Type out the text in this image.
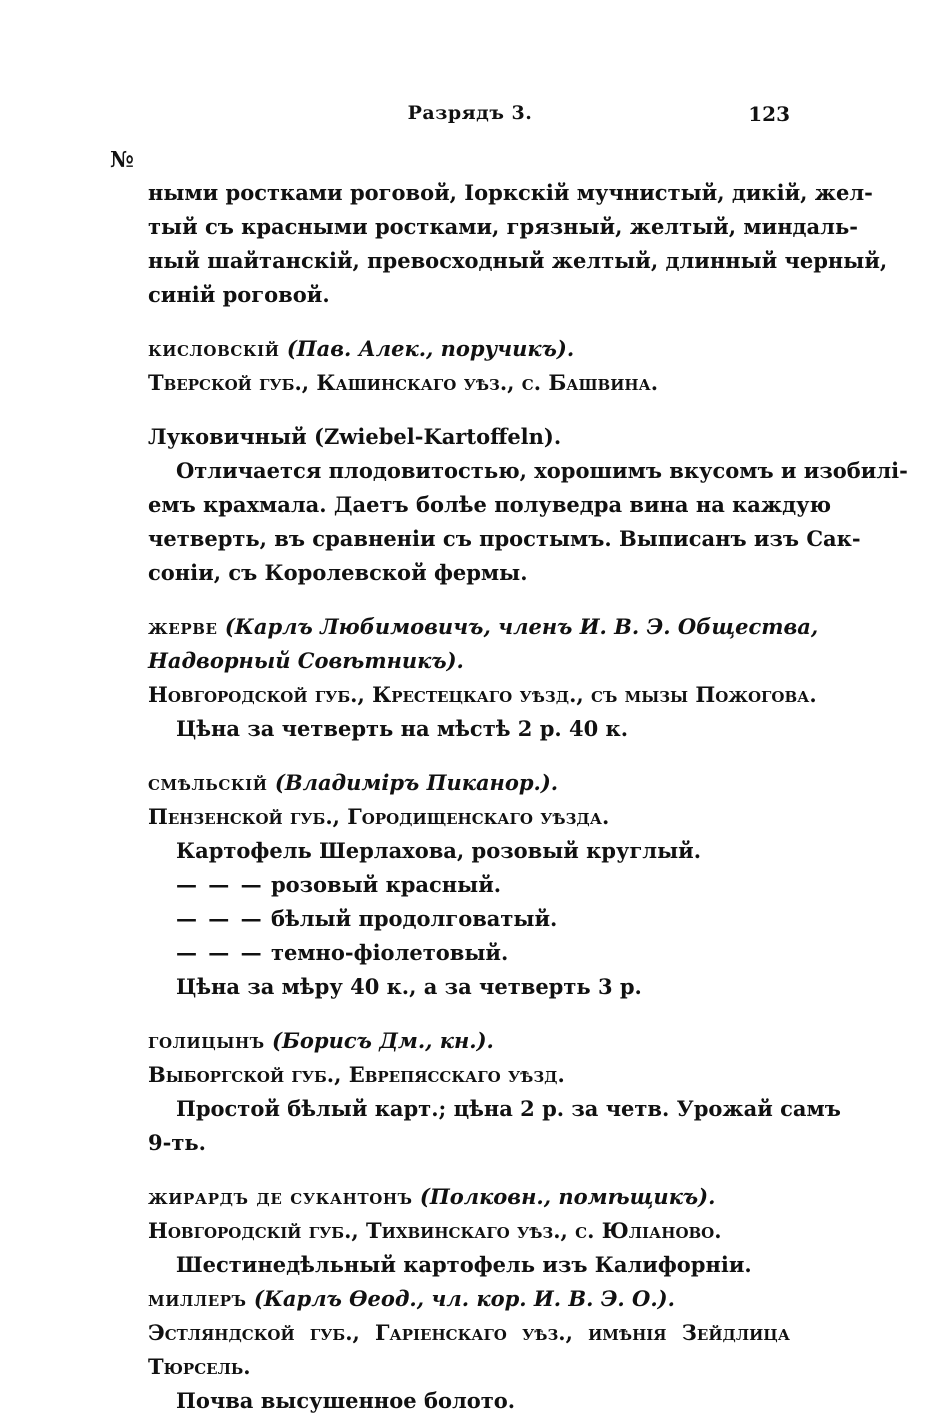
Разрядъ 3.	123
№
ными ростками роговой, Іоркскій мучнистый, дикій, жел-
тый съ красными ростками, грязный, желтый, миндаль-
ный шайтанскій, превосходный желтый, длинный черный,
синій роговой.
кисловскій (Пав. Алек., поручикъ).
Тверской губ., Кашинскаго уѣз., с. Башвина.
Луковичный (Zwiebel-Kartoffeln).
Отличается плодовитостью, хорошимъ вкусомъ и изобилі-
емъ крахмала. Даетъ болѣе полуведра вина на каждую
четверть, въ сравненіи съ простымъ. Выписанъ изъ Сак-
соніи, съ Королевской фермы.
жерве (Карлъ Любимовичъ, членъ И. В. Э. Общества,
Надворный Совѣтникъ).
Новгородской губ., Крестецкаго уѣзд., съ мызы Пожогова.
Цѣна за четверть на мѣстѣ 2 р. 40 к.
смѣльскій (Владиміръ Пиканор.).
Пензенской губ., Городищенскаго уѣзда.
Картофель Шерлахова, розовый круглый.
— — — розовый красный.
— — — бѣлый продолговатый.
— — — темно-фіолетовый.
Цѣна за мѣру 40 к., а за четверть 3 р.
голицынъ (Борисъ Дм., кн.).
Выборгской губ., Еврепясскаго уѣзд.
Простой бѣлый карт.; цѣна 2 р. за четв. Урожай самъ
9-ть.
жирардъ де сукантонъ (Полковн., помѣщикъ).
Новгородскій губ., Тихвинскаго уѣз., с. Юліаново.
Шестинедѣльный картофель изъ Калифорніи.
миллеръ (Карлъ Ѳеод., чл. кор. И. В. Э. О.).
Эстляндской губ., Гаріенскаго уѣз., имѣнія Зейдлица
Тюрсель.
Почва высушенное болото.
